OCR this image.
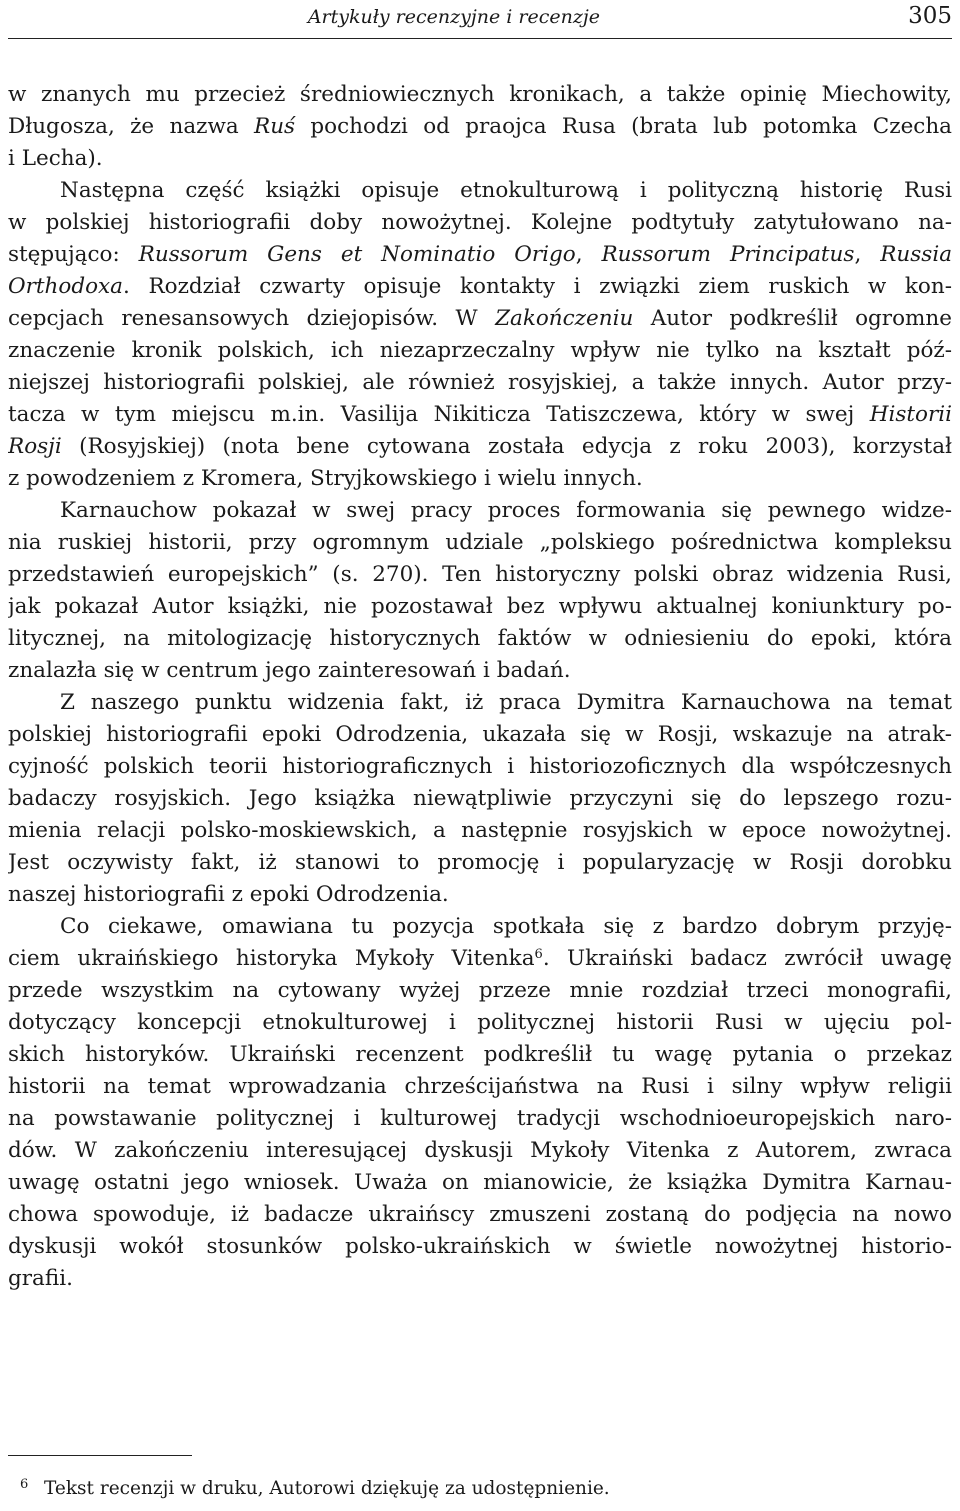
Artykuły recenzyjne i recenzje	305
w znanych mu przecież średniowiecznych kronikach, a także opinię Miechowity,
Długosza, że nazwa Ruś pochodzi od praojca Rusa (brata lub potomka Czecha
i Lecha).
Następna część książki opisuje etnokulturową i polityczną historię Rusi
w polskiej historiografii doby nowożytnej. Kolejne podtytuły zatytułowano na-
stępująco: Russorum Gens et Nominatio Origo, Russorum Principatus, Russia
Orthodoxa. Rozdział czwarty opisuje kontakty i związki ziem ruskich w kon-
cepcjach renesansowych dziejopisów. W Zakończeniu Autor podkreślił ogromne
znaczenie kronik polskich, ich niezaprzeczalny wpływ nie tylko na kształt póź-
niejszej historiografii polskiej, ale również rosyjskiej, a także innych. Autor przy-
tacza w tym miejscu m.in. Vasilija Nikiticza Tatiszczewa, który w swej Historii
Rosji (Rosyjskiej) (nota bene cytowana została edycja z roku 2003), korzystał
z powodzeniem z Kromera, Stryjkowskiego i wielu innych.
Karnauchow pokazał w swej pracy proces formowania się pewnego widze-
nia ruskiej historii, przy ogromnym udziale „polskiego pośrednictwa kompleksu
przedstawień europejskich” (s. 270). Ten historyczny polski obraz widzenia Rusi,
jak pokazał Autor książki, nie pozostawał bez wpływu aktualnej koniunktury po-
litycznej, na mitologizację historycznych faktów w odniesieniu do epoki, która
znalazła się w centrum jego zainteresowań i badań.
Z naszego punktu widzenia fakt, iż praca Dymitra Karnauchowa na temat
polskiej historiografii epoki Odrodzenia, ukazała się w Rosji, wskazuje na atrak-
cyjność polskich teorii historiograficznych i historiozoficznych dla współczesnych
badaczy rosyjskich. Jego książka niewątpliwie przyczyni się do lepszego rozu-
mienia relacji polsko-moskiewskich, a następnie rosyjskich w epoce nowożytnej.
Jest oczywisty fakt, iż stanowi to promocję i popularyzację w Rosji dorobku
naszej historiografii z epoki Odrodzenia.
Co ciekawe, omawiana tu pozycja spotkała się z bardzo dobrym przyję-
ciem ukraińskiego historyka Mykoły Vitenka$^6$. Ukraiński badacz zwrócił uwagę
przede wszystkim na cytowany wyżej przeze mnie rozdział trzeci monografii,
dotyczący koncepcji etnokulturowej i politycznej historii Rusi w ujęciu pol-
skich historyków. Ukraiński recenzent podkreślił tu wagę pytania o przekaz
historii na temat wprowadzania chrześcijaństwa na Rusi i silny wpływ religii
na powstawanie politycznej i kulturowej tradycji wschodnioeuropejskich naro-
dów. W zakończeniu interesującej dyskusji Mykoły Vitenka z Autorem, zwraca
uwagę ostatni jego wniosek. Uważa on mianowicie, że książka Dymitra Karnau-
chowa spowoduje, iż badacze ukraińscy zmuszeni zostaną do podjęcia na nowo
dyskusji wokół stosunków polsko-ukraińskich w świetle nowożytnej historio-
grafii.
6 Tekst recenzji w druku, Autorowi dziękuję za udostępnienie.
